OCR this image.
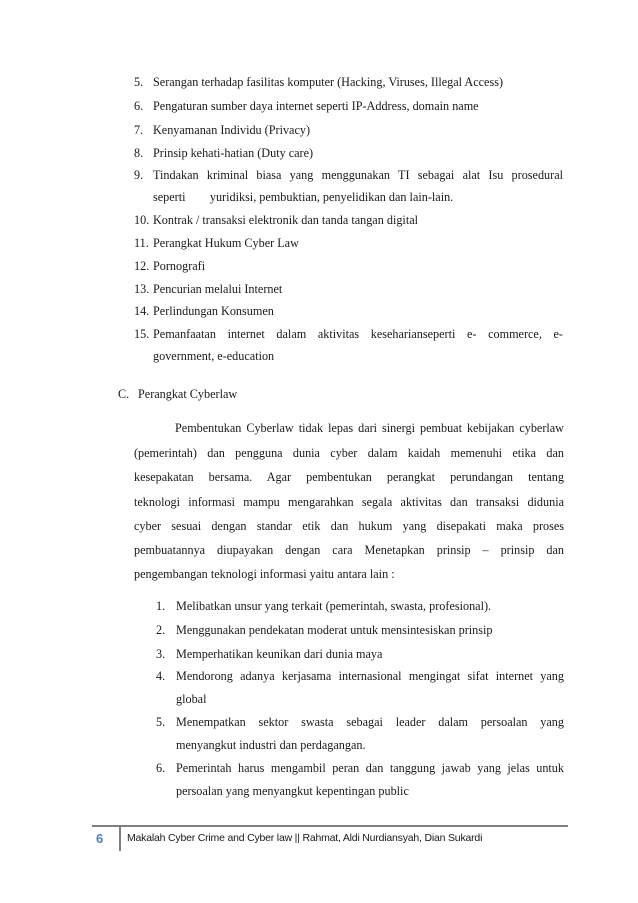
5. Serangan terhadap fasilitas komputer (Hacking, Viruses, Illegal Access)
6. Pengaturan sumber daya internet seperti IP-Address, domain name
7. Kenyamanan Individu (Privacy)
8. Prinsip kehati-hatian (Duty care)
9. Tindakan kriminal biasa yang menggunakan TI sebagai alat Isu prosedural
seperti        yuridiksi, pembuktian, penyelidikan dan lain-lain.
10. Kontrak / transaksi elektronik dan tanda tangan digital
11. Perangkat Hukum Cyber Law
12. Pornografi
13. Pencurian melalui Internet
14. Perlindungan Konsumen
15. Pemanfaatan internet dalam aktivitas keseharianseperti e- commerce, e-
government, e-education
C. Perangkat Cyberlaw
Pembentukan Cyberlaw tidak lepas dari sinergi pembuat kebijakan cyberlaw
(pemerintah) dan pengguna dunia cyber dalam kaidah memenuhi etika dan
kesepakatan bersama. Agar pembentukan perangkat perundangan tentang
teknologi informasi mampu mengarahkan segala aktivitas dan transaksi didunia
cyber sesuai dengan standar etik dan hukum yang disepakati maka proses
pembuatannya diupayakan dengan cara Menetapkan prinsip – prinsip dan
pengembangan teknologi informasi yaitu antara lain :
1. Melibatkan unsur yang terkait (pemerintah, swasta, profesional).
2. Menggunakan pendekatan moderat untuk mensintesiskan prinsip
3. Memperhatikan keunikan dari dunia maya
4. Mendorong adanya kerjasama internasional mengingat sifat internet yang
global
5. Menempatkan sektor swasta sebagai leader dalam persoalan yang
menyangkut industri dan perdagangan.
6. Pemerintah harus mengambil peran dan tanggung jawab yang jelas untuk
persoalan yang menyangkut kepentingan public
6	Makalah Cyber Crime and Cyber law || Rahmat, Aldi Nurdiansyah, Dian Sukardi
